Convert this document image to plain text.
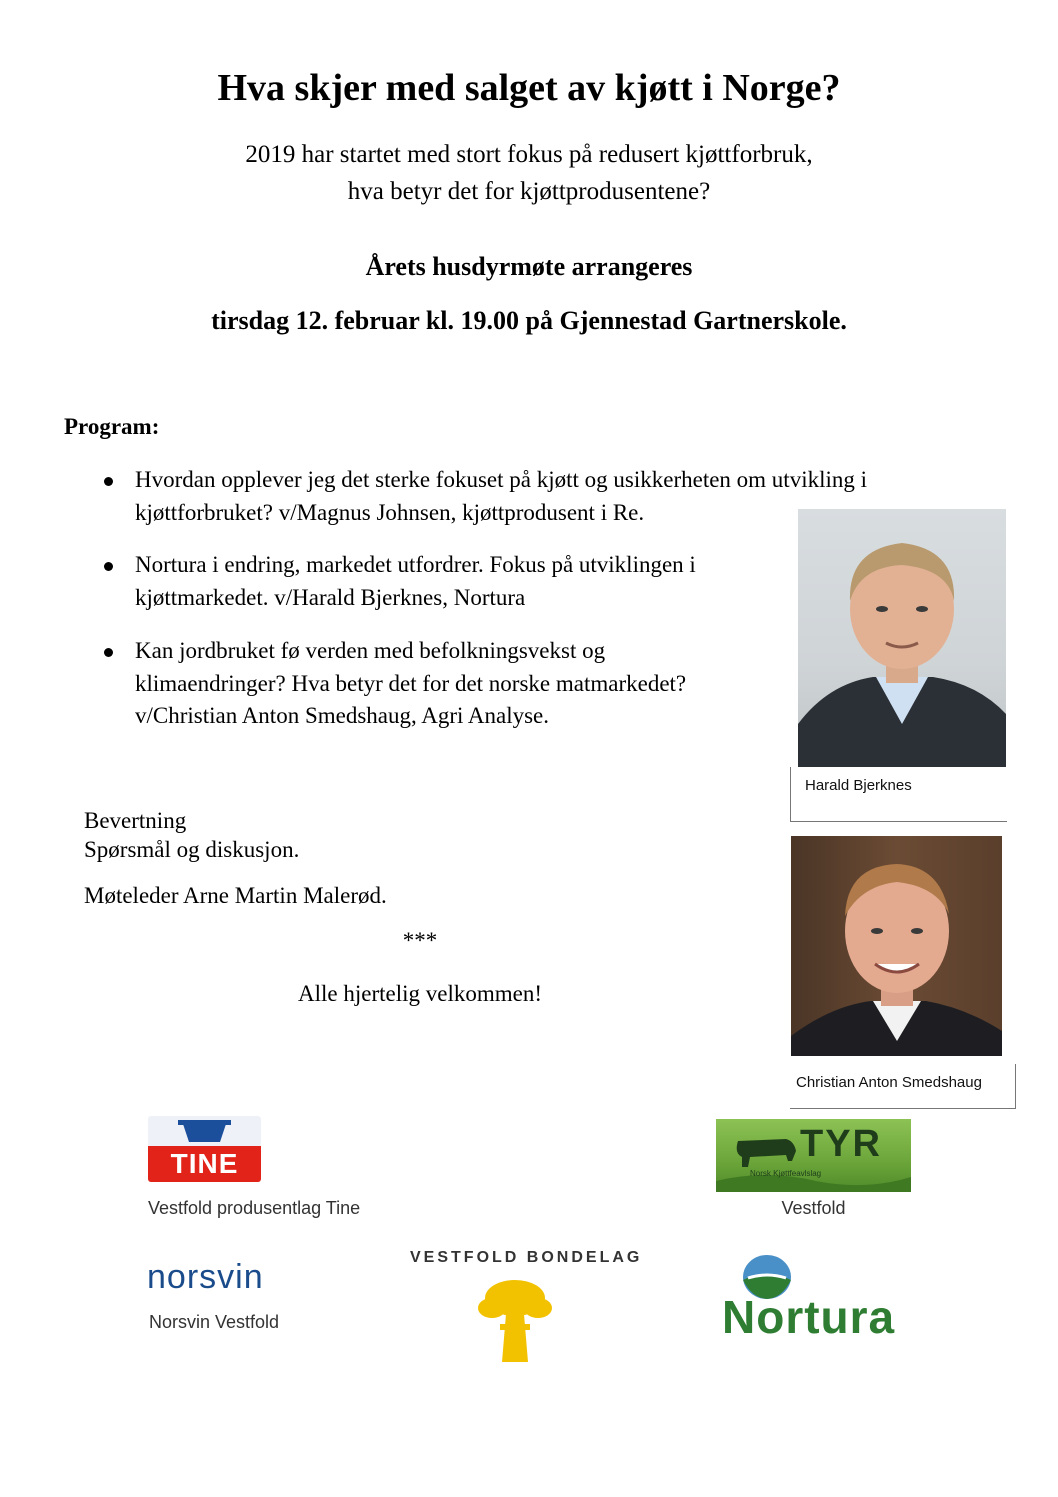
Hva skjer med salget av kjøtt i Norge?
2019 har startet med stort fokus på redusert kjøttforbruk,
hva betyr det for kjøttprodusentene?
Årets husdyrmøte arrangeres
tirsdag 12. februar kl. 19.00 på Gjennestad Gartnerskole.
Program:
Hvordan opplever jeg det sterke fokuset på kjøtt og usikkerheten om utvikling i
kjøttforbruket? v/Magnus Johnsen, kjøttprodusent i Re.
Nortura i endring, markedet utfordrer. Fokus på utviklingen i
kjøttmarkedet. v/Harald Bjerknes, Nortura
Kan jordbruket fø verden med befolkningsvekst og
klimaendringer? Hva betyr det for det norske matmarkedet?
v/Christian Anton Smedshaug, Agri Analyse.
Bevertning
Spørsmål og diskusjon.
Møteleder Arne Martin Malerød.
***
Alle hjertelig velkommen!
Harald Bjerknes
Christian Anton Smedshaug
TINE
Vestfold produsentlag Tine
TYR
Norsk Kjøttfeavlslag
Vestfold
norsvin
Norsvin Vestfold
VESTFOLD BONDELAG
Nortura
